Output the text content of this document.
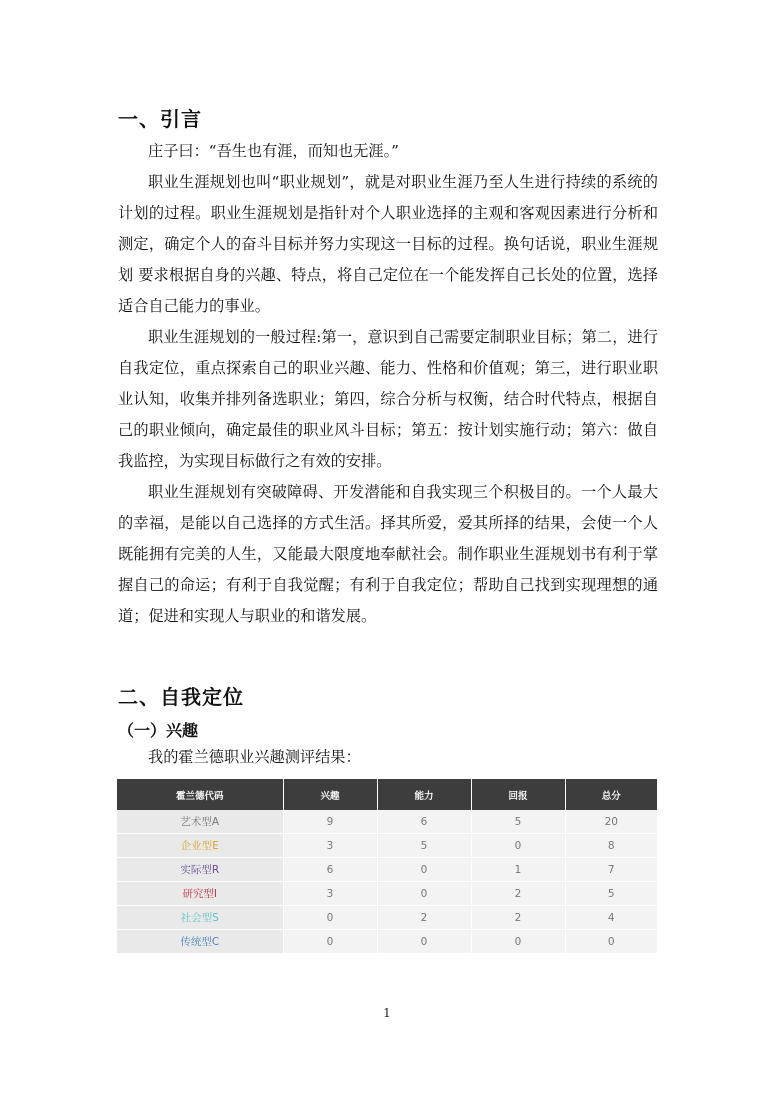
一、引言

庄子曰：“吾生也有涯，而知也无涯。”

职业生涯规划也叫“职业规划”，就是对职业生涯乃至人生进行持续的系统的计划的过程。职业生涯规划是指针对个人职业选择的主观和客观因素进行分析和测定，确定个人的奋斗目标并努力实现这一目标的过程。换句话说，职业生涯规划 要求根据自身的兴趣、特点，将自己定位在一个能发挥自己长处的位置，选择适合自己能力的事业。

职业生涯规划的一般过程:第一，意识到自己需要定制职业目标；第二，进行自我定位，重点探索自己的职业兴趣、能力、性格和价值观；第三，进行职业职业认知，收集并排列备选职业；第四，综合分析与权衡，结合时代特点，根据自己的职业倾向，确定最佳的职业风斗目标；第五：按计划实施行动；第六：做自我监控，为实现目标做行之有效的安排。

职业生涯规划有突破障碍、开发潜能和自我实现三个积极目的。一个人最大的幸福，是能以自己选择的方式生活。择其所爱，爱其所择的结果，会使一个人既能拥有完美的人生，又能最大限度地奉献社会。制作职业生涯规划书有利于掌握自己的命运；有利于自我觉醒；有利于自我定位；帮助自己找到实现理想的通道；促进和实现人与职业的和谐发展。

二、自我定位
（一）兴趣

我的霍兰德职业兴趣测评结果：

霍兰德代码	兴趣	能力	回报	总分
艺术型A	9	6	5	20
企业型E	3	5	0	8
实际型R	6	0	1	7
研究型I	3	0	2	5
社会型S	0	2	2	4
传统型C	0	0	0	0
1
